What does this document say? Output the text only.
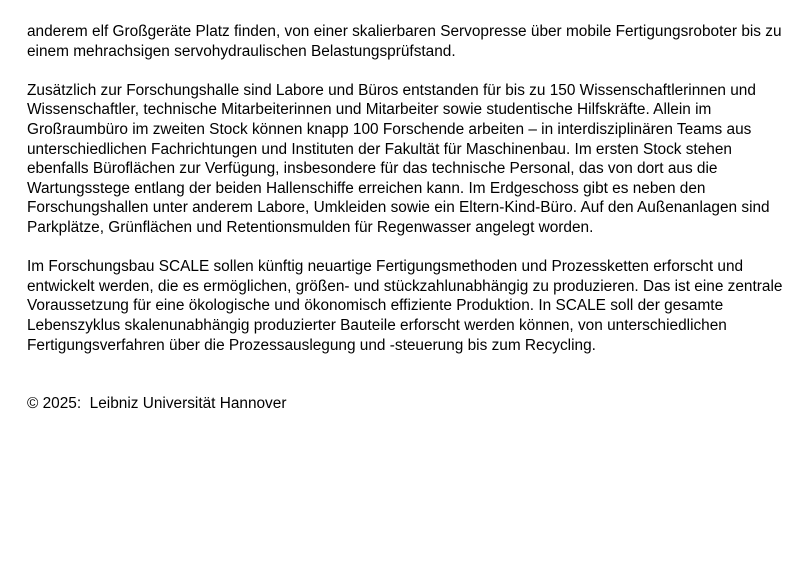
anderem elf Großgeräte Platz finden, von einer skalierbaren Servopresse über mobile Fertigungsroboter bis zu einem mehrachsigen servohydraulischen Belastungsprüfstand.

Zusätzlich zur Forschungshalle sind Labore und Büros entstanden für bis zu 150 Wissenschaftlerinnen und Wissenschaftler, technische Mitarbeiterinnen und Mitarbeiter sowie studentische Hilfskräfte. Allein im Großraumbüro im zweiten Stock können knapp 100 Forschende arbeiten – in interdisziplinären Teams aus unterschiedlichen Fachrichtungen und Instituten der Fakultät für Maschinenbau. Im ersten Stock stehen ebenfalls Büroflächen zur Verfügung, insbesondere für das technische Personal, das von dort aus die Wartungsstege entlang der beiden Hallenschiffe erreichen kann. Im Erdgeschoss gibt es neben den Forschungshallen unter anderem Labore, Umkleiden sowie ein Eltern-Kind-Büro. Auf den Außenanlagen sind Parkplätze, Grünflächen und Retentionsmulden für Regenwasser angelegt worden.

Im Forschungsbau SCALE sollen künftig neuartige Fertigungsmethoden und Prozessketten erforscht und entwickelt werden, die es ermöglichen, größen- und stückzahlunabhängig zu produzieren. Das ist eine zentrale Voraussetzung für eine ökologische und ökonomisch effiziente Produktion. In SCALE soll der gesamte Lebenszyklus skalenunabhängig produzierter Bauteile erforscht werden können, von unterschiedlichen Fertigungsverfahren über die Prozessauslegung und -steuerung bis zum Recycling.

© 2025:  Leibniz Universität Hannover
